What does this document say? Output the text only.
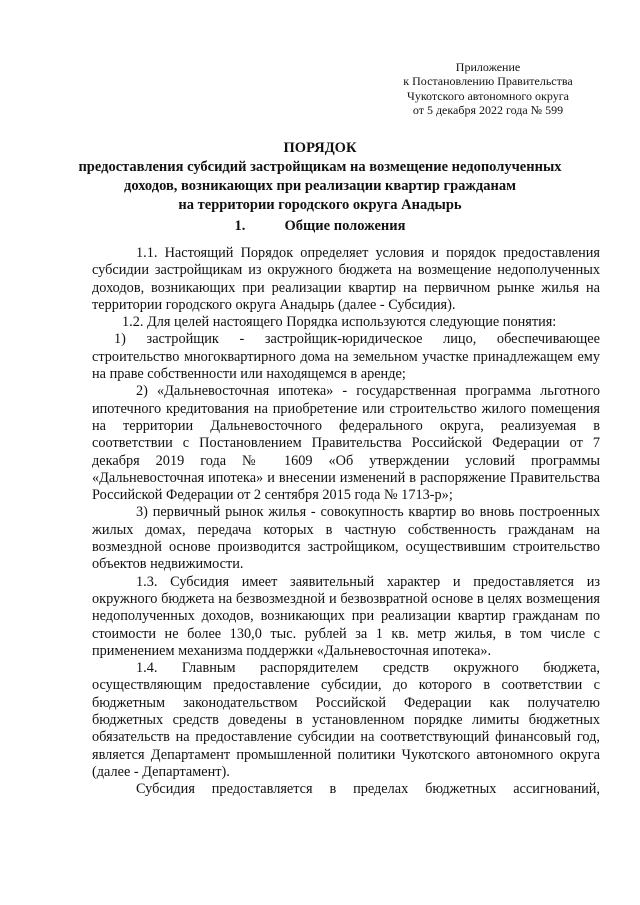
Приложение
к Постановлению Правительства
Чукотского автономного округа
от 5 декабря 2022 года № 599
ПОРЯДОК
предоставления субсидий застройщикам на возмещение недополученных
доходов, возникающих при реализации квартир гражданам
на территории городского округа Анадырь
1.	Общие положения

1.1. Настоящий Порядок определяет условия и порядок предоставления субсидии застройщикам из окружного бюджета на возмещение недополученных доходов, возникающих при реализации квартир на первичном рынке жилья на территории городского округа Анадырь (далее - Субсидия).

1.2. Для целей настоящего Порядка используются следующие понятия:

1) застройщик - застройщик-юридическое лицо, обеспечивающее строительство многоквартирного дома на земельном участке принадлежащем ему на праве собственности или находящемся в аренде;

2) «Дальневосточная ипотека» - государственная программа льготного ипотечного кредитования на приобретение или строительство жилого помещения на территории Дальневосточного федерального округа, реализуемая в соответствии с Постановлением Правительства Российской Федерации от 7 декабря 2019 года № 1609 «Об утверждении условий программы «Дальневосточная ипотека» и внесении изменений в распоряжение Правительства Российской Федерации от 2 сентября 2015 года № 1713-р»;

3) первичный рынок жилья - совокупность квартир во вновь построенных жилых домах, передача которых в частную собственность гражданам на возмездной основе производится застройщиком, осуществившим строительство объектов недвижимости.

1.3. Субсидия имеет заявительный характер и предоставляется из окружного бюджета на безвозмездной и безвозвратной основе в целях возмещения недополученных доходов, возникающих при реализации квартир гражданам по стоимости не более 130,0 тыс. рублей за 1 кв. метр жилья, в том числе с применением механизма поддержки «Дальневосточная ипотека».

1.4. Главным распорядителем средств окружного бюджета, осуществляющим предоставление субсидии, до которого в соответствии с бюджетным законодательством Российской Федерации как получателю бюджетных средств доведены в установленном порядке лимиты бюджетных обязательств на предоставление субсидии на соответствующий финансовый год, является Департамент промышленной политики Чукотского автономного округа (далее - Департамент).

Субсидия предоставляется в пределах бюджетных ассигнований,
